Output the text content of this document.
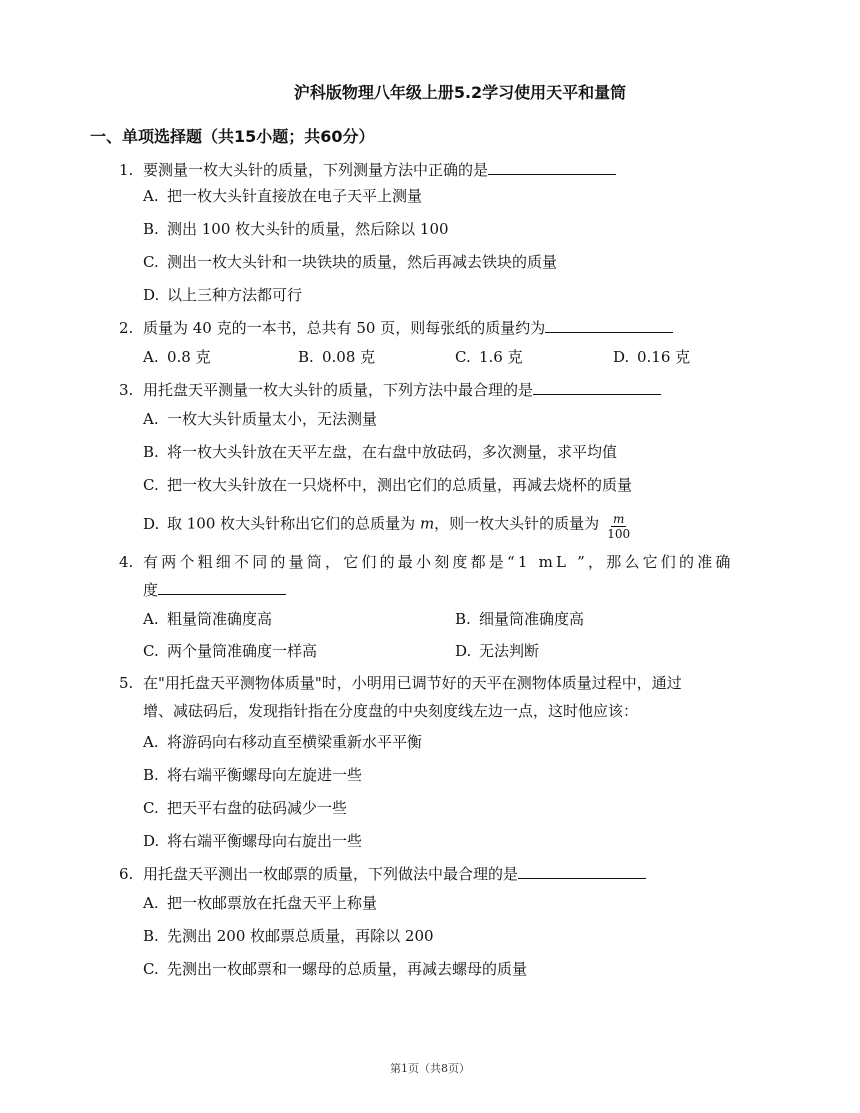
沪科版物理八年级上册5.2学习使用天平和量筒
一、单项选择题（共15小题；共60分）
1. 要测量一枚大头针的质量，下列测量方法中正确的是
A. 把一枚大头针直接放在电子天平上测量
B. 测出 100 枚大头针的质量，然后除以 100
C. 测出一枚大头针和一块铁块的质量，然后再减去铁块的质量
D. 以上三种方法都可行
2. 质量为 40 克的一本书，总共有 50 页，则每张纸的质量约为
A. 0.8 克	B. 0.08 克	C. 1.6 克	D. 0.16 克
3. 用托盘天平测量一枚大头针的质量，下列方法中最合理的是
A. 一枚大头针质量太小，无法测量
B. 将一枚大头针放在天平左盘，在右盘中放砝码，多次测量，求平均值
C. 把一枚大头针放在一只烧杯中，测出它们的总质量，再减去烧杯的质量
D. 取 100 枚大头针称出它们的总质量为 m，则一枚大头针的质量为 $\frac{m}{100}$
4. 有两个粗细不同的量筒，它们的最小刻度都是“1 mL ”，那么它们的准确
度
A. 粗量筒准确度高	B. 细量筒准确度高
C. 两个量筒准确度一样高	D. 无法判断
5. 在"用托盘天平测物体质量"时，小明用已调节好的天平在测物体质量过程中，通过
增、减砝码后，发现指针指在分度盘的中央刻度线左边一点，这时他应该：
A. 将游码向右移动直至横梁重新水平平衡
B. 将右端平衡螺母向左旋进一些
C. 把天平右盘的砝码减少一些
D. 将右端平衡螺母向右旋出一些
6. 用托盘天平测出一枚邮票的质量，下列做法中最合理的是
A. 把一枚邮票放在托盘天平上称量
B. 先测出 200 枚邮票总质量，再除以 200
C. 先测出一枚邮票和一螺母的总质量，再减去螺母的质量
第1页（共8页）
